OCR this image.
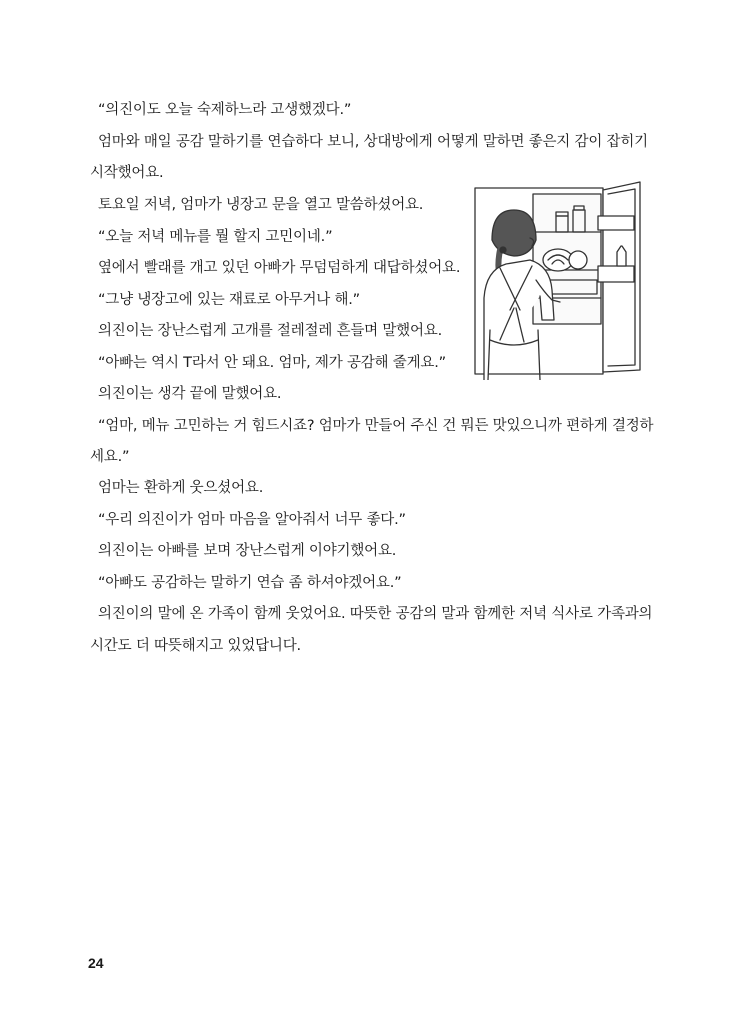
“의진이도 오늘 숙제하느라 고생했겠다.”
엄마와 매일 공감 말하기를 연습하다 보니, 상대방에게 어떻게 말하면 좋은지 감이 잡히기
시작했어요.
토요일 저녁, 엄마가 냉장고 문을 열고 말씀하셨어요.
“오늘 저녁 메뉴를 뭘 할지 고민이네.”
옆에서 빨래를 개고 있던 아빠가 무덤덤하게 대답하셨어요.
“그냥 냉장고에 있는 재료로 아무거나 해.”
의진이는 장난스럽게 고개를 절레절레 흔들며 말했어요.
“아빠는 역시 T라서 안 돼요. 엄마, 제가 공감해 줄게요.”
의진이는 생각 끝에 말했어요.
“엄마, 메뉴 고민하는 거 힘드시죠? 엄마가 만들어 주신 건 뭐든 맛있으니까 편하게 결정하
세요.”
엄마는 환하게 웃으셨어요.
“우리 의진이가 엄마 마음을 알아줘서 너무 좋다.”
의진이는 아빠를 보며 장난스럽게 이야기했어요.
“아빠도 공감하는 말하기 연습 좀 하셔야겠어요.”
의진이의 말에 온 가족이 함께 웃었어요. 따뜻한 공감의 말과 함께한 저녁 식사로 가족과의
시간도 더 따뜻해지고 있었답니다.
24
